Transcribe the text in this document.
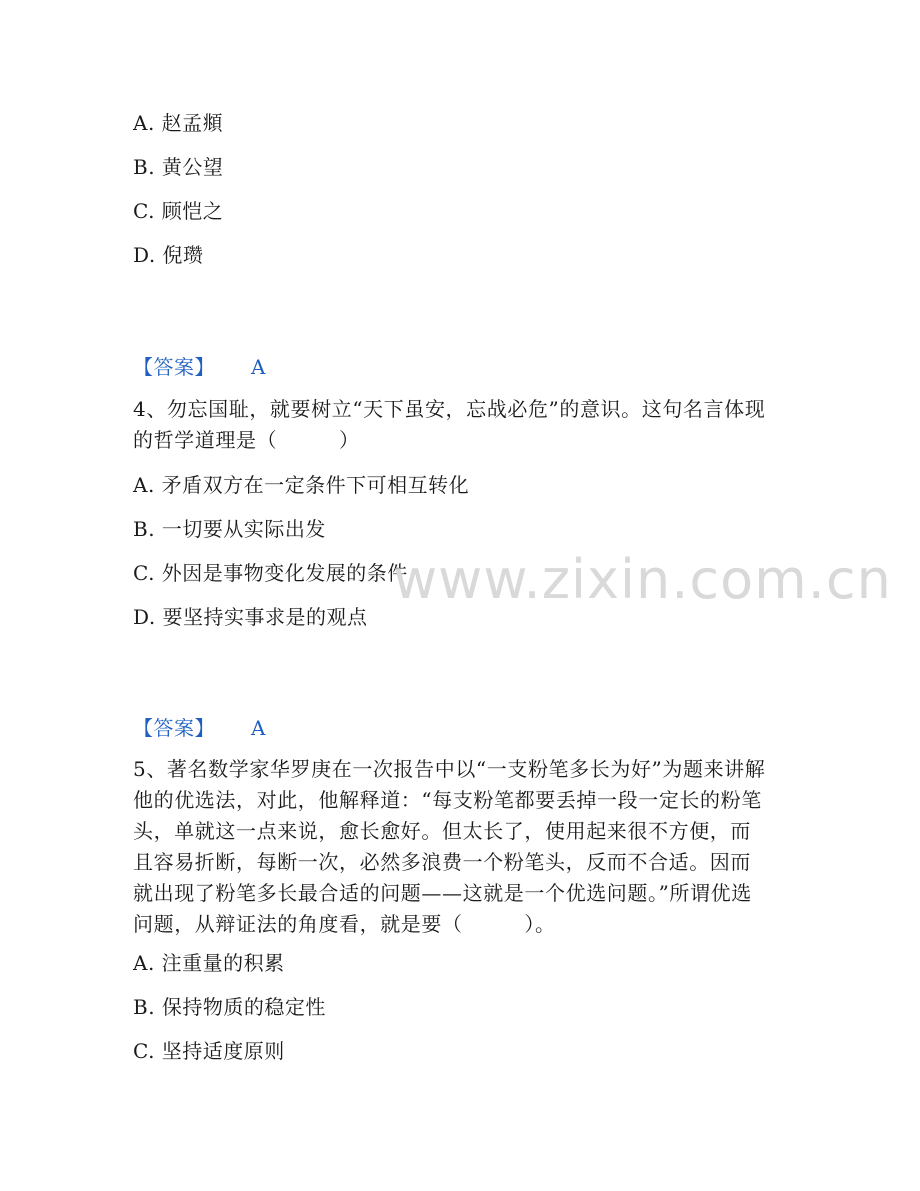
A. 赵孟頫
B. 黄公望
C. 顾恺之
D. 倪瓒
【答案】 A
4、勿忘国耻，就要树立“天下虽安，忘战必危”的意识。这句名言体现
的哲学道理是（　　　）
A. 矛盾双方在一定条件下可相互转化
B. 一切要从实际出发
C. 外因是事物变化发展的条件
D. 要坚持实事求是的观点
【答案】 A
5、著名数学家华罗庚在一次报告中以“一支粉笔多长为好”为题来讲解
他的优选法，对此，他解释道：“每支粉笔都要丢掉一段一定长的粉笔
头，单就这一点来说，愈长愈好。但太长了，使用起来很不方便，而
且容易折断，每断一次，必然多浪费一个粉笔头，反而不合适。因而
就出现了粉笔多长最合适的问题——这就是一个优选问题。”所谓优选
问题，从辩证法的角度看，就是要（　　　）。
A. 注重量的积累
B. 保持物质的稳定性
C. 坚持适度原则
www.zixin.com.cn
